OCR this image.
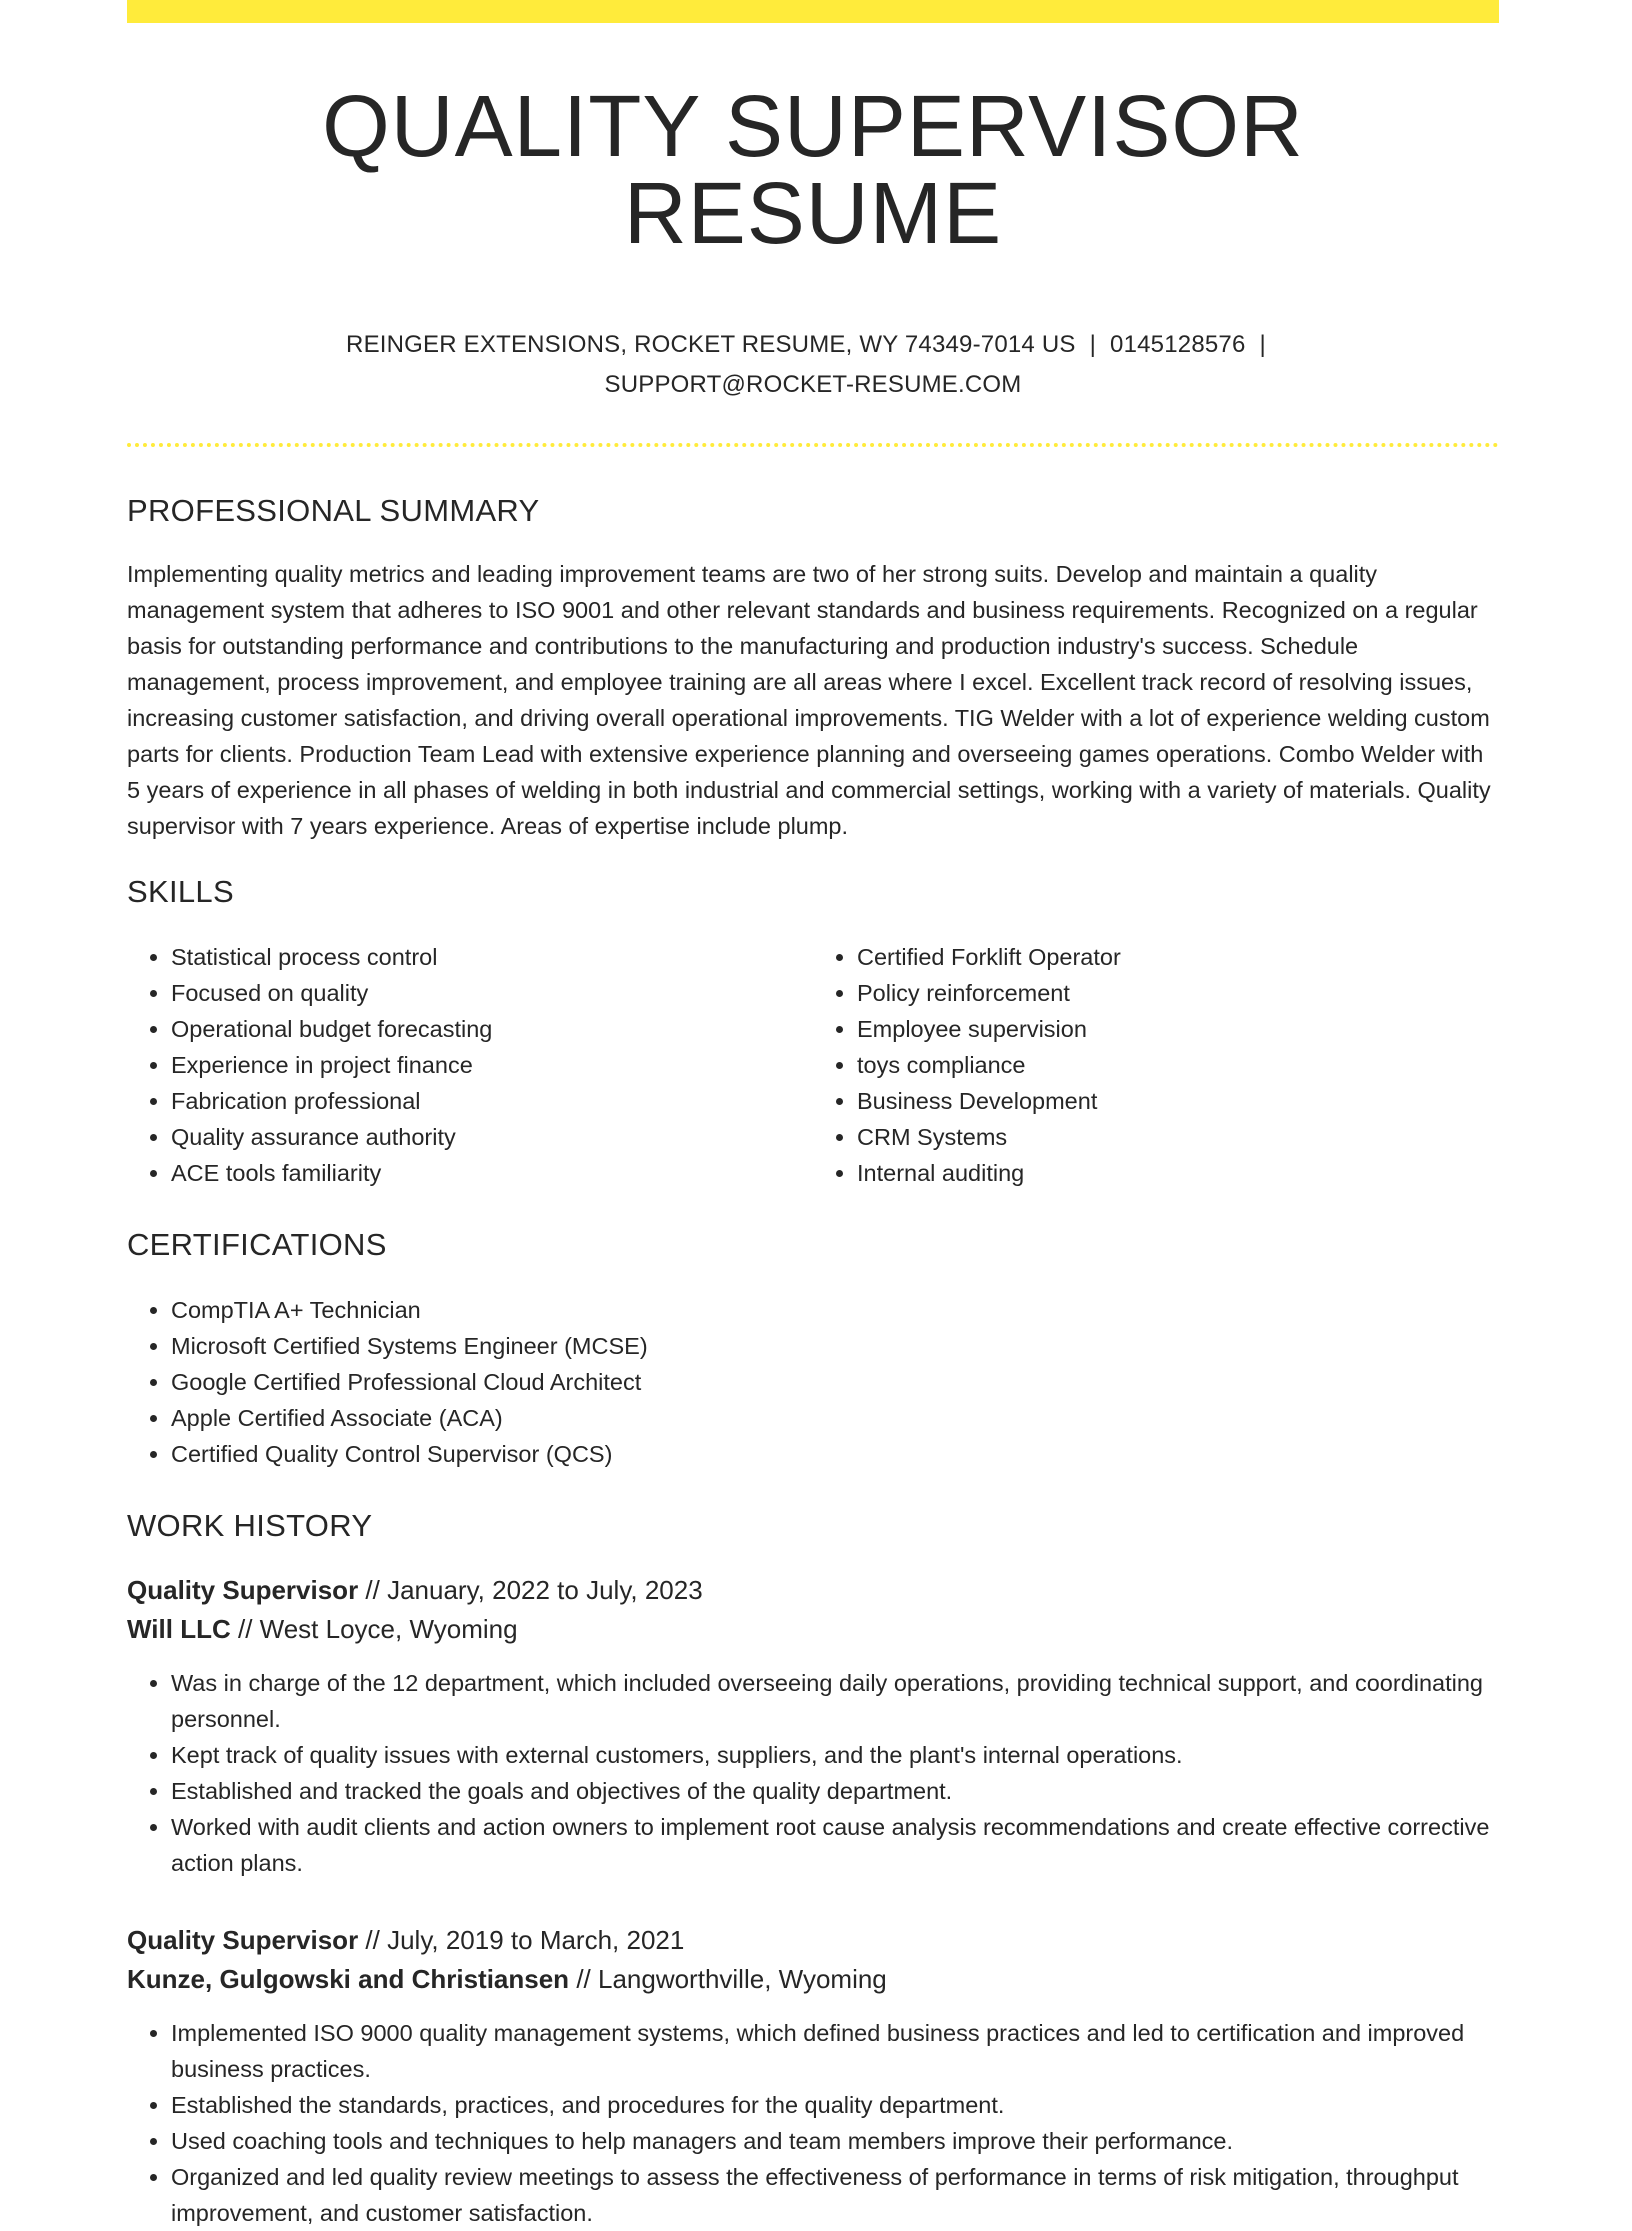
QUALITY SUPERVISOR RESUME
REINGER EXTENSIONS, ROCKET RESUME, WY 74349-7014 US | 0145128576 |
SUPPORT@ROCKET-RESUME.COM
PROFESSIONAL SUMMARY
Implementing quality metrics and leading improvement teams are two of her strong suits. Develop and maintain a quality management system that adheres to ISO 9001 and other relevant standards and business requirements. Recognized on a regular basis for outstanding performance and contributions to the manufacturing and production industry's success. Schedule management, process improvement, and employee training are all areas where I excel. Excellent track record of resolving issues, increasing customer satisfaction, and driving overall operational improvements. TIG Welder with a lot of experience welding custom parts for clients. Production Team Lead with extensive experience planning and overseeing games operations. Combo Welder with 5 years of experience in all phases of welding in both industrial and commercial settings, working with a variety of materials. Quality supervisor with 7 years experience. Areas of expertise include plump.
SKILLS
• Statistical process control
• Focused on quality
• Operational budget forecasting
• Experience in project finance
• Fabrication professional
• Quality assurance authority
• ACE tools familiarity
• Certified Forklift Operator
• Policy reinforcement
• Employee supervision
• toys compliance
• Business Development
• CRM Systems
• Internal auditing
CERTIFICATIONS
• CompTIA A+ Technician
• Microsoft Certified Systems Engineer (MCSE)
• Google Certified Professional Cloud Architect
• Apple Certified Associate (ACA)
• Certified Quality Control Supervisor (QCS)
WORK HISTORY
Quality Supervisor // January, 2022 to July, 2023
Will LLC // West Loyce, Wyoming
• Was in charge of the 12 department, which included overseeing daily operations, providing technical support, and coordinating personnel.
• Kept track of quality issues with external customers, suppliers, and the plant's internal operations.
• Established and tracked the goals and objectives of the quality department.
• Worked with audit clients and action owners to implement root cause analysis recommendations and create effective corrective action plans.
Quality Supervisor // July, 2019 to March, 2021
Kunze, Gulgowski and Christiansen // Langworthville, Wyoming
• Implemented ISO 9000 quality management systems, which defined business practices and led to certification and improved business practices.
• Established the standards, practices, and procedures for the quality department.
• Used coaching tools and techniques to help managers and team members improve their performance.
• Organized and led quality review meetings to assess the effectiveness of performance in terms of risk mitigation, throughput improvement, and customer satisfaction.
